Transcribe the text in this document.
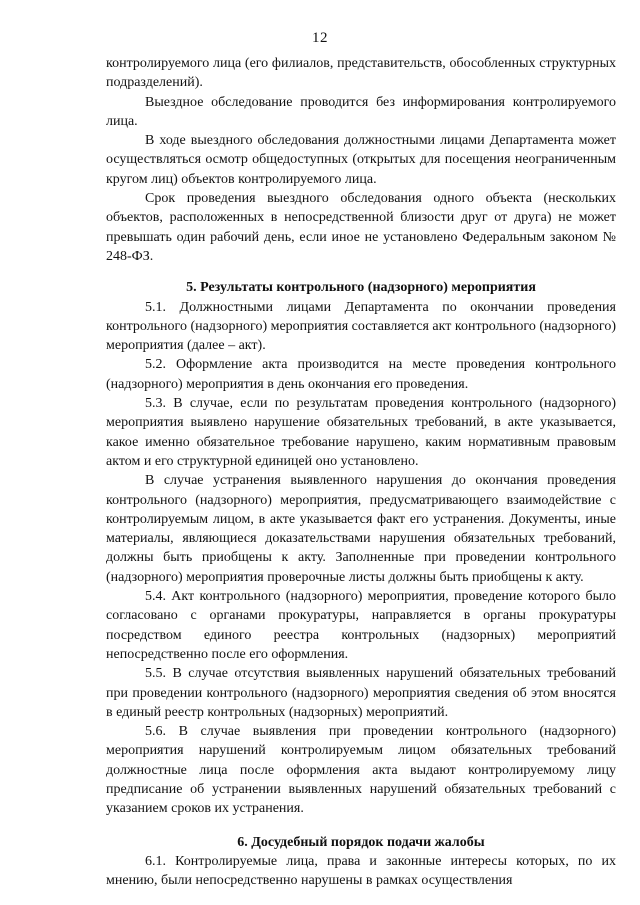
12

контролируемого лица (его филиалов, представительств, обособленных структурных подразделений).

Выездное обследование проводится без информирования контролируемого лица.

В ходе выездного обследования должностными лицами Департамента может осуществляться осмотр общедоступных (открытых для посещения неограниченным кругом лиц) объектов контролируемого лица.

Срок проведения выездного обследования одного объекта (нескольких объектов, расположенных в непосредственной близости друг от друга) не может превышать один рабочий день, если иное не установлено Федеральным законом № 248-ФЗ.

5. Результаты контрольного (надзорного) мероприятия

5.1. Должностными лицами Департамента по окончании проведения контрольного (надзорного) мероприятия составляется акт контрольного (надзорного) мероприятия (далее – акт).

5.2. Оформление акта производится на месте проведения контрольного (надзорного) мероприятия в день окончания его проведения.

5.3. В случае, если по результатам проведения контрольного (надзорного) мероприятия выявлено нарушение обязательных требований, в акте указывается, какое именно обязательное требование нарушено, каким нормативным правовым актом и его структурной единицей оно установлено.

В случае устранения выявленного нарушения до окончания проведения контрольного (надзорного) мероприятия, предусматривающего взаимодействие с контролируемым лицом, в акте указывается факт его устранения. Документы, иные материалы, являющиеся доказательствами нарушения обязательных требований, должны быть приобщены к акту. Заполненные при проведении контрольного (надзорного) мероприятия проверочные листы должны быть приобщены к акту.

5.4. Акт контрольного (надзорного) мероприятия, проведение которого было согласовано с органами прокуратуры, направляется в органы прокуратуры посредством единого реестра контрольных (надзорных) мероприятий непосредственно после его оформления.

5.5. В случае отсутствия выявленных нарушений обязательных требований при проведении контрольного (надзорного) мероприятия сведения об этом вносятся в единый реестр контрольных (надзорных) мероприятий.

5.6. В случае выявления при проведении контрольного (надзорного) мероприятия нарушений контролируемым лицом обязательных требований должностные лица после оформления акта выдают контролируемому лицу предписание об устранении выявленных нарушений обязательных требований с указанием сроков их устранения.

6. Досудебный порядок подачи жалобы

6.1. Контролируемые лица, права и законные интересы которых, по их мнению, были непосредственно нарушены в рамках осуществления
